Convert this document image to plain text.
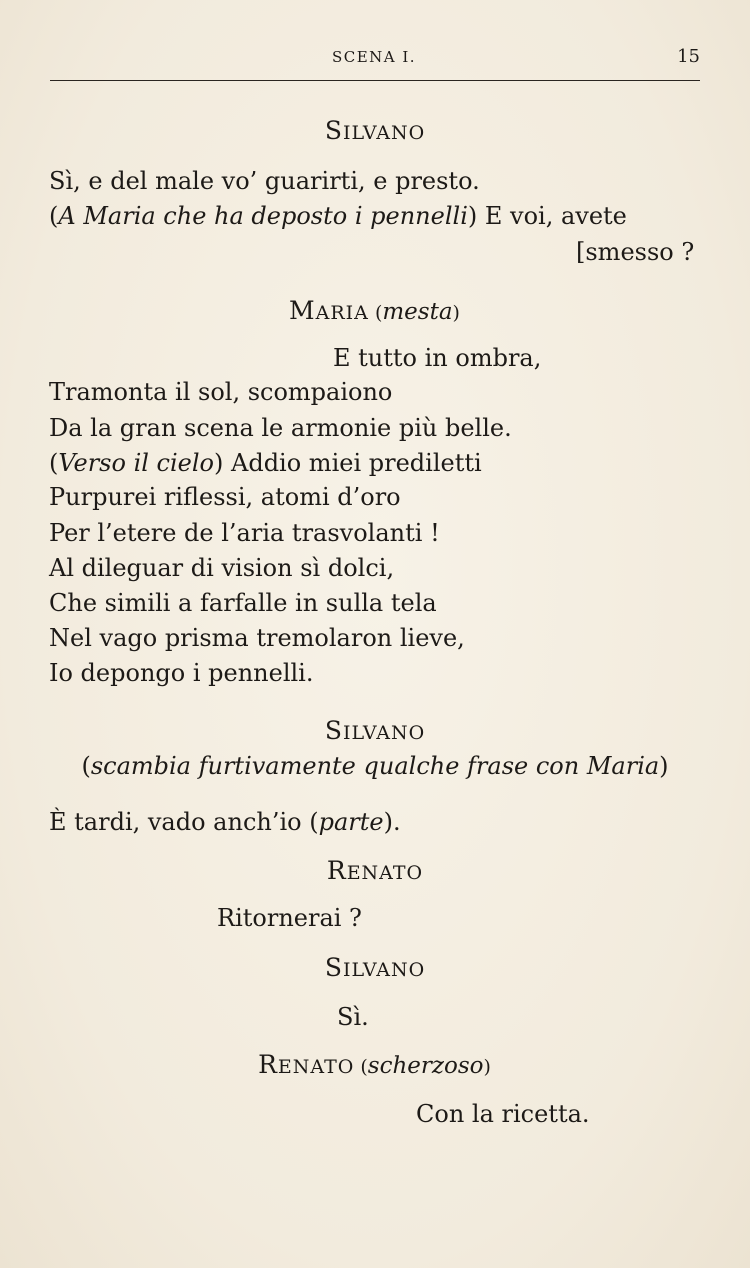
SCENA I.	15
SILVANO
Sì, e del male vo’ guarirti, e presto.
(A Maria che ha deposto i pennelli) E voi, avete
[smesso ?
MARIA (mesta)
E tutto in ombra,
Tramonta il sol, scompaiono
Da la gran scena le armonie più belle.
(Verso il cielo) Addio miei prediletti
Purpurei riflessi, atomi d’oro
Per l’etere de l’aria trasvolanti !
Al dileguar di vision sì dolci,
Che simili a farfalle in sulla tela
Nel vago prisma tremolaron lieve,
Io depongo i pennelli.
SILVANO
(scambia furtivamente qualche frase con Maria)
È tardi, vado anch’io (parte).
RENATO
Ritornerai ?
SILVANO
Sì.
RENATO (scherzoso)
Con la ricetta.
